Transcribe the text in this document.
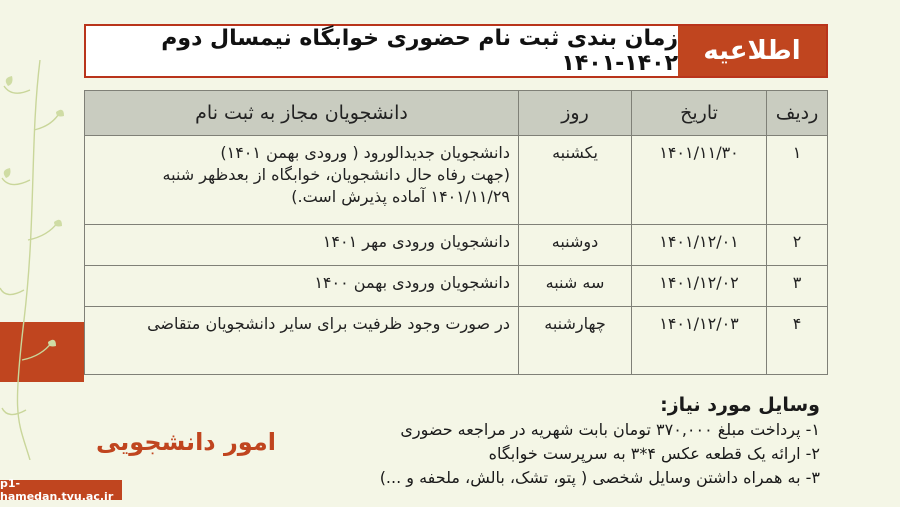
اطلاعیه
زمان بندی ثبت نام حضوری خوابگاه نیمسال دوم ۱۴۰۲-۱۴۰۱
ردیف	تاریخ	روز	دانشجویان مجاز به ثبت نام
۱	۱۴۰۱/۱۱/۳۰	یکشنبه	دانشجویان جدیدالورود ( ورودی بهمن ۱۴۰۱)
(جهت رفاه حال دانشجویان، خوابگاه از بعدظهر شنبه
۱۴۰۱/۱۱/۲۹ آماده پذیرش است.)

۲	۱۴۰۱/۱۲/۰۱	دوشنبه	دانشجویان ورودی مهر ۱۴۰۱

۳	۱۴۰۱/۱۲/۰۲	سه شنبه	دانشجویان ورودی بهمن ۱۴۰۰

۴	۱۴۰۱/۱۲/۰۳	چهارشنبه	در صورت وجود ظرفیت برای سایر دانشجویان متقاضی
وسایل مورد نیاز:
۱- پرداخت مبلغ ۳۷۰,۰۰۰ تومان بابت شهریه در مراجعه حضوری
۲- ارائه یک قطعه عکس ۴*۳ به سرپرست خوابگاه
۳- به همراه داشتن وسایل شخصی ( پتو، تشک، بالش، ملحفه و ...)
امور دانشجویی
p1-hamedan.tvu.ac.ir
